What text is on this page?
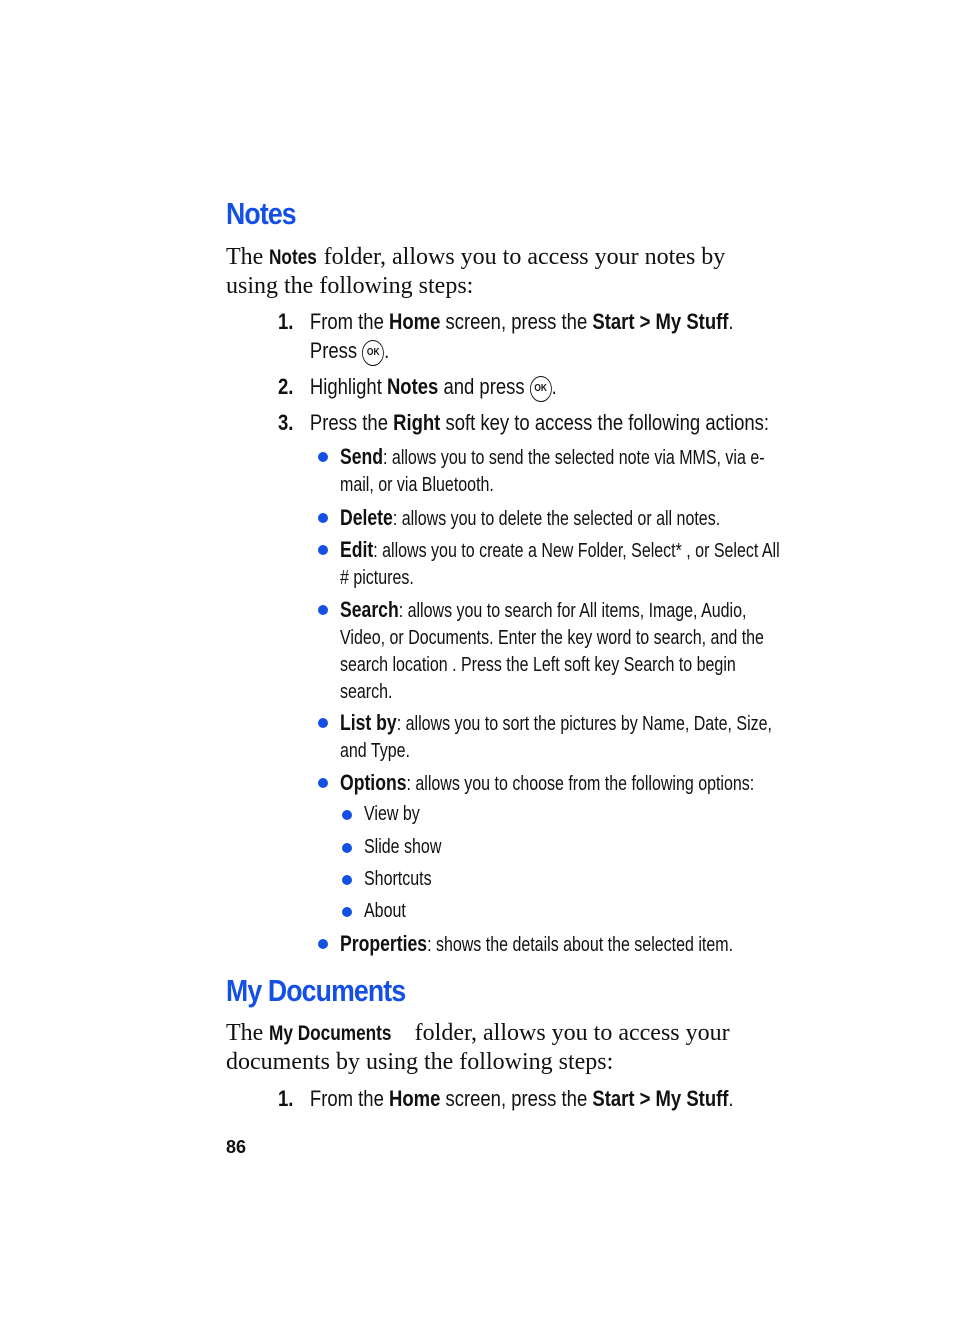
Notes
The Notes folder, allows you to access your notes by
using the following steps:
1. From the Home screen, press the Start > My Stuff.
Press OK .
2. Highlight Notes and press OK .
3. Press the Right soft key to access the following actions:
Send: allows you to send the selected note via MMS, via e-
mail, or via Bluetooth.
Delete: allows you to delete the selected or all notes.
Edit: allows you to create a New Folder, Select* , or Select All
# pictures.
Search: allows you to search for All items, Image, Audio,
Video, or Documents. Enter the key word to search, and the
search location . Press the Left soft key Search to begin
search.
List by: allows you to sort the pictures by Name, Date, Size,
and Type.
Options: allows you to choose from the following options:
View by
Slide show
Shortcuts
About
Properties: shows the details about the selected item.
My Documents
The My Documents folder, allows you to access your
documents by using the following steps:
1. From the Home screen, press the Start > My Stuff.
86
